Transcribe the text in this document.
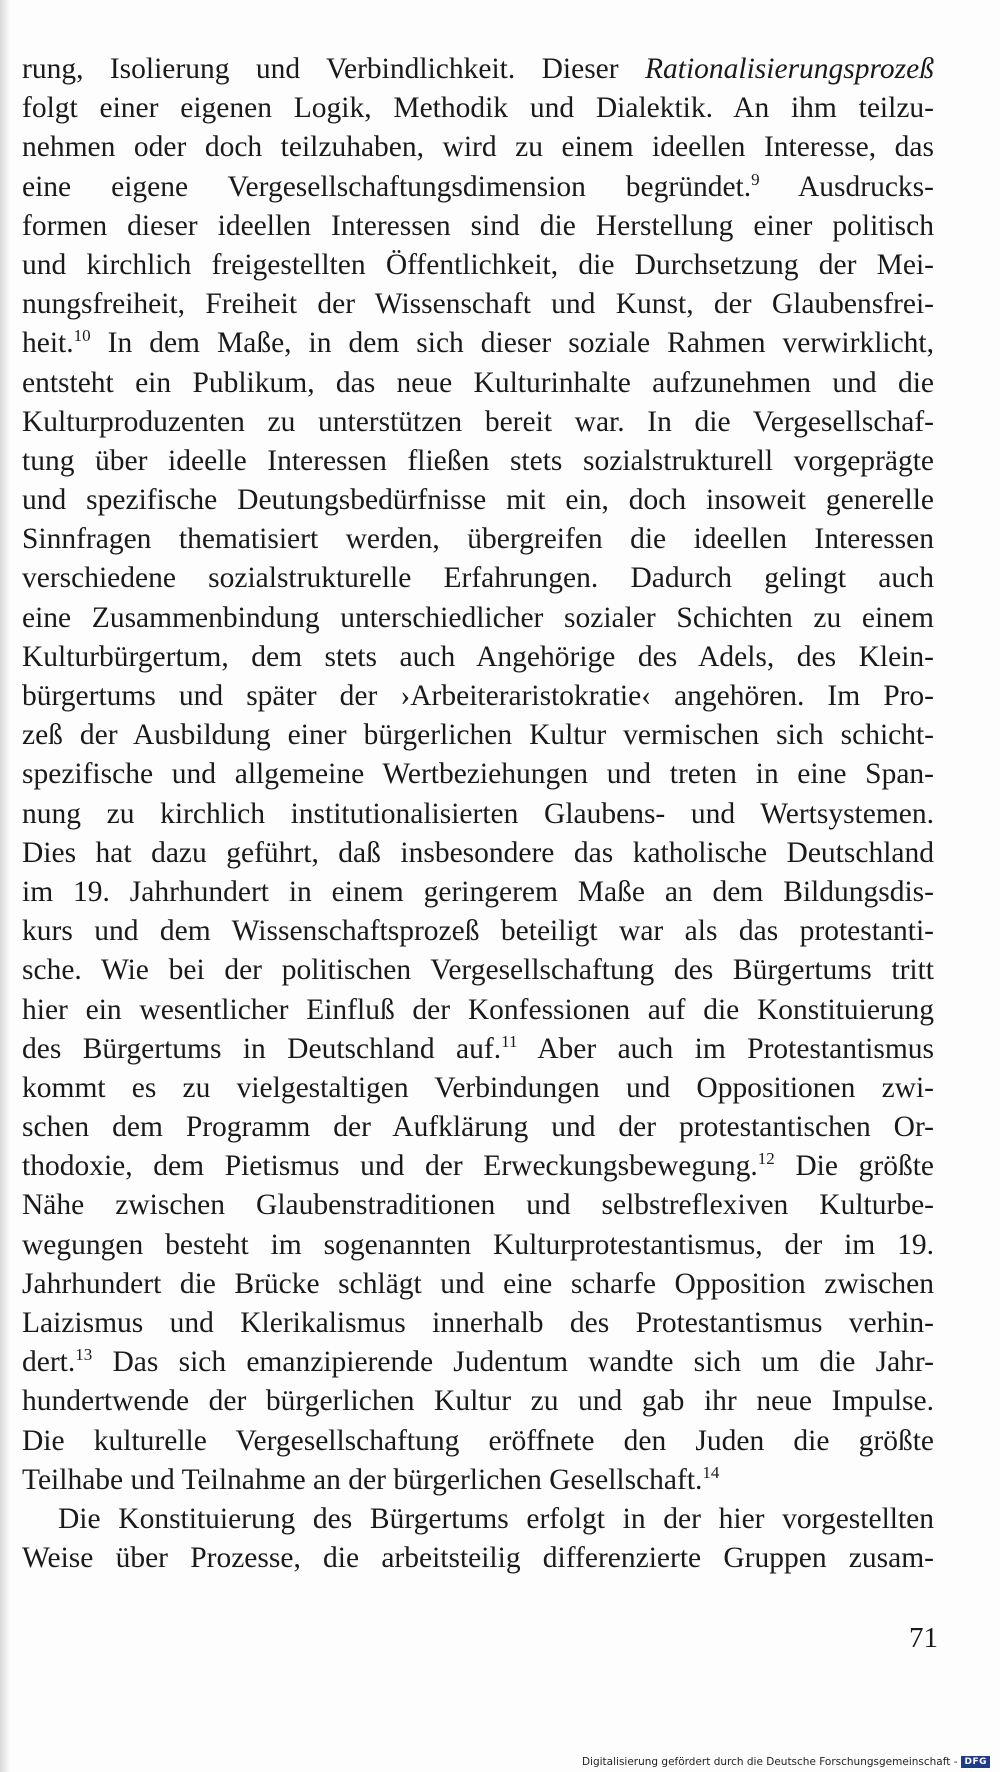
rung, Isolierung und Verbindlichkeit. Dieser Rationalisierungsprozeß
folgt einer eigenen Logik, Methodik und Dialektik. An ihm teilzu-
nehmen oder doch teilzuhaben, wird zu einem ideellen Interesse, das
eine eigene Vergesellschaftungsdimension begründet.$^9$ Ausdrucks-
formen dieser ideellen Interessen sind die Herstellung einer politisch
und kirchlich freigestellten Öffentlichkeit, die Durchsetzung der Mei-
nungsfreiheit, Freiheit der Wissenschaft und Kunst, der Glaubensfrei-
heit.$^{10}$ In dem Maße, in dem sich dieser soziale Rahmen verwirklicht,
entsteht ein Publikum, das neue Kulturinhalte aufzunehmen und die
Kulturproduzenten zu unterstützen bereit war. In die Vergesellschaf-
tung über ideelle Interessen fließen stets sozialstrukturell vorgeprägte
und spezifische Deutungsbedürfnisse mit ein, doch insoweit generelle
Sinnfragen thematisiert werden, übergreifen die ideellen Interessen
verschiedene sozialstrukturelle Erfahrungen. Dadurch gelingt auch
eine Zusammenbindung unterschiedlicher sozialer Schichten zu einem
Kulturbürgertum, dem stets auch Angehörige des Adels, des Klein-
bürgertums und später der ›Arbeiteraristokratie‹ angehören. Im Pro-
zeß der Ausbildung einer bürgerlichen Kultur vermischen sich schicht-
spezifische und allgemeine Wertbeziehungen und treten in eine Span-
nung zu kirchlich institutionalisierten Glaubens- und Wertsystemen.
Dies hat dazu geführt, daß insbesondere das katholische Deutschland
im 19. Jahrhundert in einem geringerem Maße an dem Bildungsdis-
kurs und dem Wissenschaftsprozeß beteiligt war als das protestanti-
sche. Wie bei der politischen Vergesellschaftung des Bürgertums tritt
hier ein wesentlicher Einfluß der Konfessionen auf die Konstituierung
des Bürgertums in Deutschland auf.$^{11}$ Aber auch im Protestantismus
kommt es zu vielgestaltigen Verbindungen und Oppositionen zwi-
schen dem Programm der Aufklärung und der protestantischen Or-
thodoxie, dem Pietismus und der Erweckungsbewegung.$^{12}$ Die größte
Nähe zwischen Glaubenstraditionen und selbstreflexiven Kulturbe-
wegungen besteht im sogenannten Kulturprotestantismus, der im 19.
Jahrhundert die Brücke schlägt und eine scharfe Opposition zwischen
Laizismus und Klerikalismus innerhalb des Protestantismus verhin-
dert.$^{13}$ Das sich emanzipierende Judentum wandte sich um die Jahr-
hundertwende der bürgerlichen Kultur zu und gab ihr neue Impulse.
Die kulturelle Vergesellschaftung eröffnete den Juden die größte
Teilhabe und Teilnahme an der bürgerlichen Gesellschaft.$^{14}$
Die Konstituierung des Bürgertums erfolgt in der hier vorgestellten
Weise über Prozesse, die arbeitsteilig differenzierte Gruppen zusam-
71
Digitalisierung gefördert durch die Deutsche Forschungsgemeinschaft - DFG
